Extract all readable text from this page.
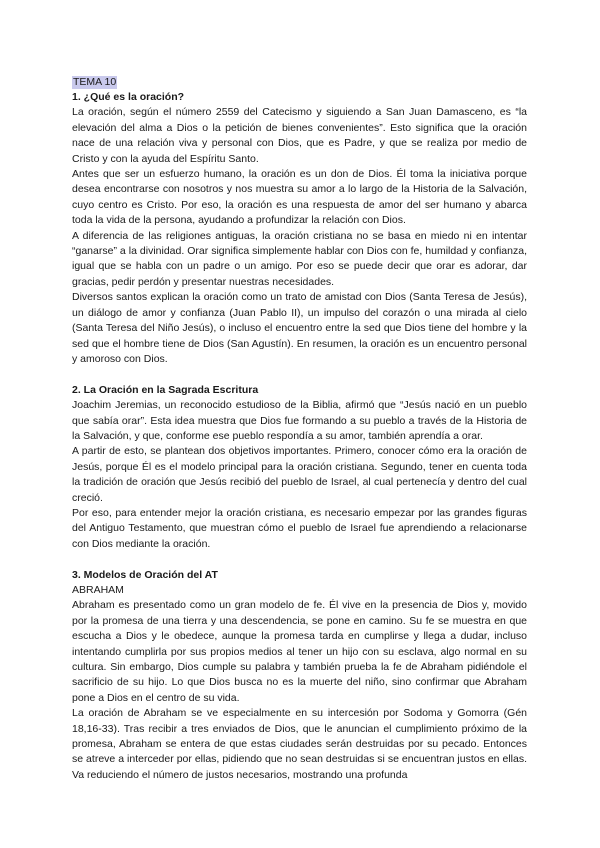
TEMA 10
1. ¿Qué es la oración?

La oración, según el número 2559 del Catecismo y siguiendo a San Juan Damasceno, es “la elevación del alma a Dios o la petición de bienes convenientes”. Esto significa que la oración nace de una relación viva y personal con Dios, que es Padre, y que se realiza por medio de Cristo y con la ayuda del Espíritu Santo.

Antes que ser un esfuerzo humano, la oración es un don de Dios. Él toma la iniciativa porque desea encontrarse con nosotros y nos muestra su amor a lo largo de la Historia de la Salvación, cuyo centro es Cristo. Por eso, la oración es una respuesta de amor del ser humano y abarca toda la vida de la persona, ayudando a profundizar la relación con Dios.

A diferencia de las religiones antiguas, la oración cristiana no se basa en miedo ni en intentar “ganarse” a la divinidad. Orar significa simplemente hablar con Dios con fe, humildad y confianza, igual que se habla con un padre o un amigo. Por eso se puede decir que orar es adorar, dar gracias, pedir perdón y presentar nuestras necesidades.

Diversos santos explican la oración como un trato de amistad con Dios (Santa Teresa de Jesús), un diálogo de amor y confianza (Juan Pablo II), un impulso del corazón o una mirada al cielo (Santa Teresa del Niño Jesús), o incluso el encuentro entre la sed que Dios tiene del hombre y la sed que el hombre tiene de Dios (San Agustín). En resumen, la oración es un encuentro personal y amoroso con Dios.

2. La Oración en la Sagrada Escritura

Joachim Jeremias, un reconocido estudioso de la Biblia, afirmó que “Jesús nació en un pueblo que sabía orar”. Esta idea muestra que Dios fue formando a su pueblo a través de la Historia de la Salvación, y que, conforme ese pueblo respondía a su amor, también aprendía a orar.

A partir de esto, se plantean dos objetivos importantes. Primero, conocer cómo era la oración de Jesús, porque Él es el modelo principal para la oración cristiana. Segundo, tener en cuenta toda la tradición de oración que Jesús recibió del pueblo de Israel, al cual pertenecía y dentro del cual creció.

Por eso, para entender mejor la oración cristiana, es necesario empezar por las grandes figuras del Antiguo Testamento, que muestran cómo el pueblo de Israel fue aprendiendo a relacionarse con Dios mediante la oración.

3. Modelos de Oración del AT
ABRAHAM

Abraham es presentado como un gran modelo de fe. Él vive en la presencia de Dios y, movido por la promesa de una tierra y una descendencia, se pone en camino. Su fe se muestra en que escucha a Dios y le obedece, aunque la promesa tarda en cumplirse y llega a dudar, incluso intentando cumplirla por sus propios medios al tener un hijo con su esclava, algo normal en su cultura. Sin embargo, Dios cumple su palabra y también prueba la fe de Abraham pidiéndole el sacrificio de su hijo. Lo que Dios busca no es la muerte del niño, sino confirmar que Abraham pone a Dios en el centro de su vida.

La oración de Abraham se ve especialmente en su intercesión por Sodoma y Gomorra (Gén 18,16-33). Tras recibir a tres enviados de Dios, que le anuncian el cumplimiento próximo de la promesa, Abraham se entera de que estas ciudades serán destruidas por su pecado. Entonces se atreve a interceder por ellas, pidiendo que no sean destruidas si se encuentran justos en ellas. Va reduciendo el número de justos necesarios, mostrando una profunda
